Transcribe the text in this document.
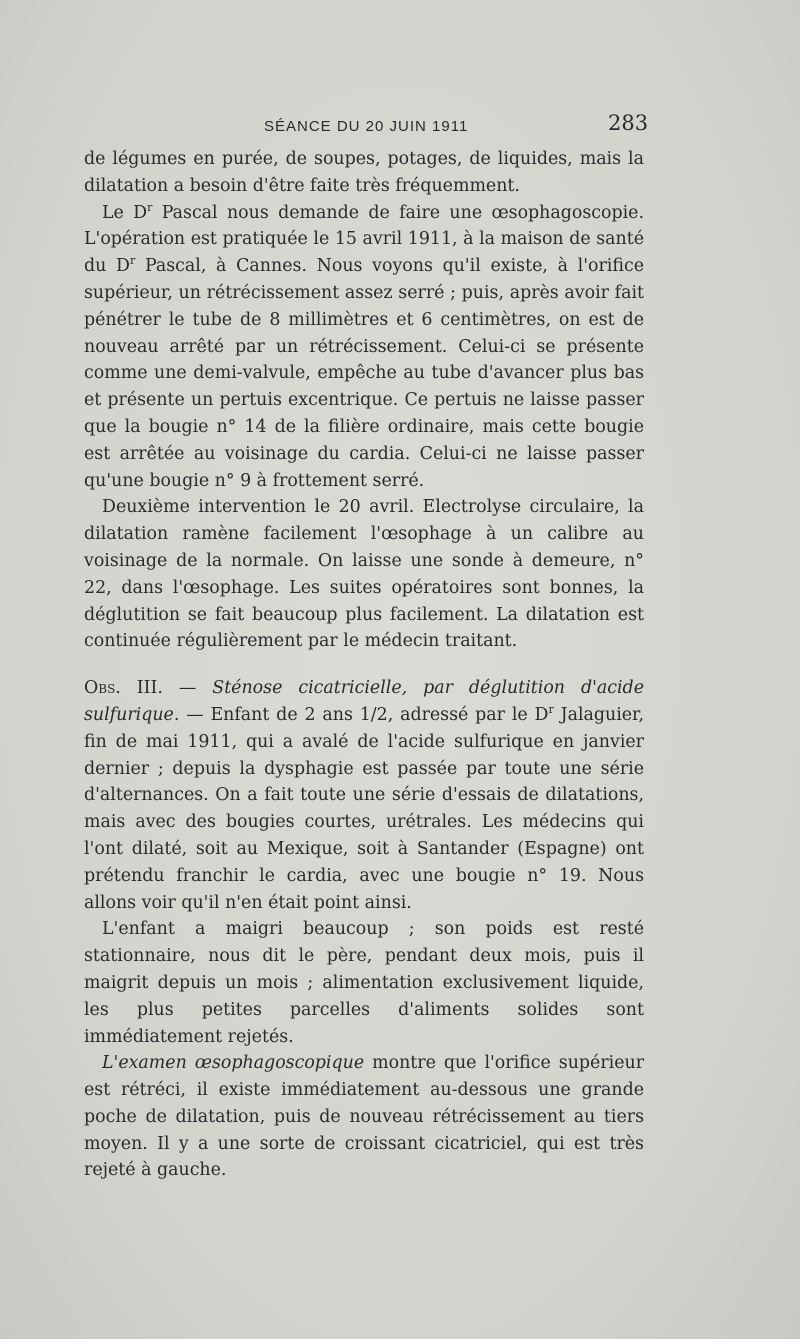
SÉANCE DU 20 JUIN 1911	283

de légumes en purée, de soupes, potages, de liquides, mais la dilatation a besoin d'être faite très fréquemment.

Le $D^r$ Pascal nous demande de faire une œsophagoscopie. L'opération est pratiquée le 15 avril 1911, à la maison de santé du $D^r$ Pascal, à Cannes. Nous voyons qu'il existe, à l'orifice supérieur, un rétrécissement assez serré ; puis, après avoir fait pénétrer le tube de 8 millimètres et 6 centimètres, on est de nouveau arrêté par un rétrécissement. Celui-ci se présente comme une demi-valvule, empêche au tube d'avancer plus bas et présente un pertuis excentrique. Ce pertuis ne laisse passer que la bougie n° 14 de la filière ordinaire, mais cette bougie est arrêtée au voisinage du cardia. Celui-ci ne laisse passer qu'une bougie n° 9 à frottement serré.

Deuxième intervention le 20 avril. Electrolyse circulaire, la dilatation ramène facilement l'œsophage à un calibre au voisinage de la normale. On laisse une sonde à demeure, n° 22, dans l'œsophage. Les suites opératoires sont bonnes, la déglutition se fait beaucoup plus facilement. La dilatation est continuée régulièrement par le médecin traitant.

Obs. III. — Sténose cicatricielle, par déglutition d'acide sulfurique. — Enfant de 2 ans 1/2, adressé par le $D^r$ Jalaguier, fin de mai 1911, qui a avalé de l'acide sulfurique en janvier dernier ; depuis la dysphagie est passée par toute une série d'alternances. On a fait toute une série d'essais de dilatations, mais avec des bougies courtes, urétrales. Les médecins qui l'ont dilaté, soit au Mexique, soit à Santander (Espagne) ont prétendu franchir le cardia, avec une bougie n° 19. Nous allons voir qu'il n'en était point ainsi.

L'enfant a maigri beaucoup ; son poids est resté stationnaire, nous dit le père, pendant deux mois, puis il maigrit depuis un mois ; alimentation exclusivement liquide, les plus petites parcelles d'aliments solides sont immédiatement rejetés.

L'examen œsophagoscopique montre que l'orifice supérieur est rétréci, il existe immédiatement au-dessous une grande poche de dilatation, puis de nouveau rétrécissement au tiers moyen. Il y a une sorte de croissant cicatriciel, qui est très rejeté à gauche.
